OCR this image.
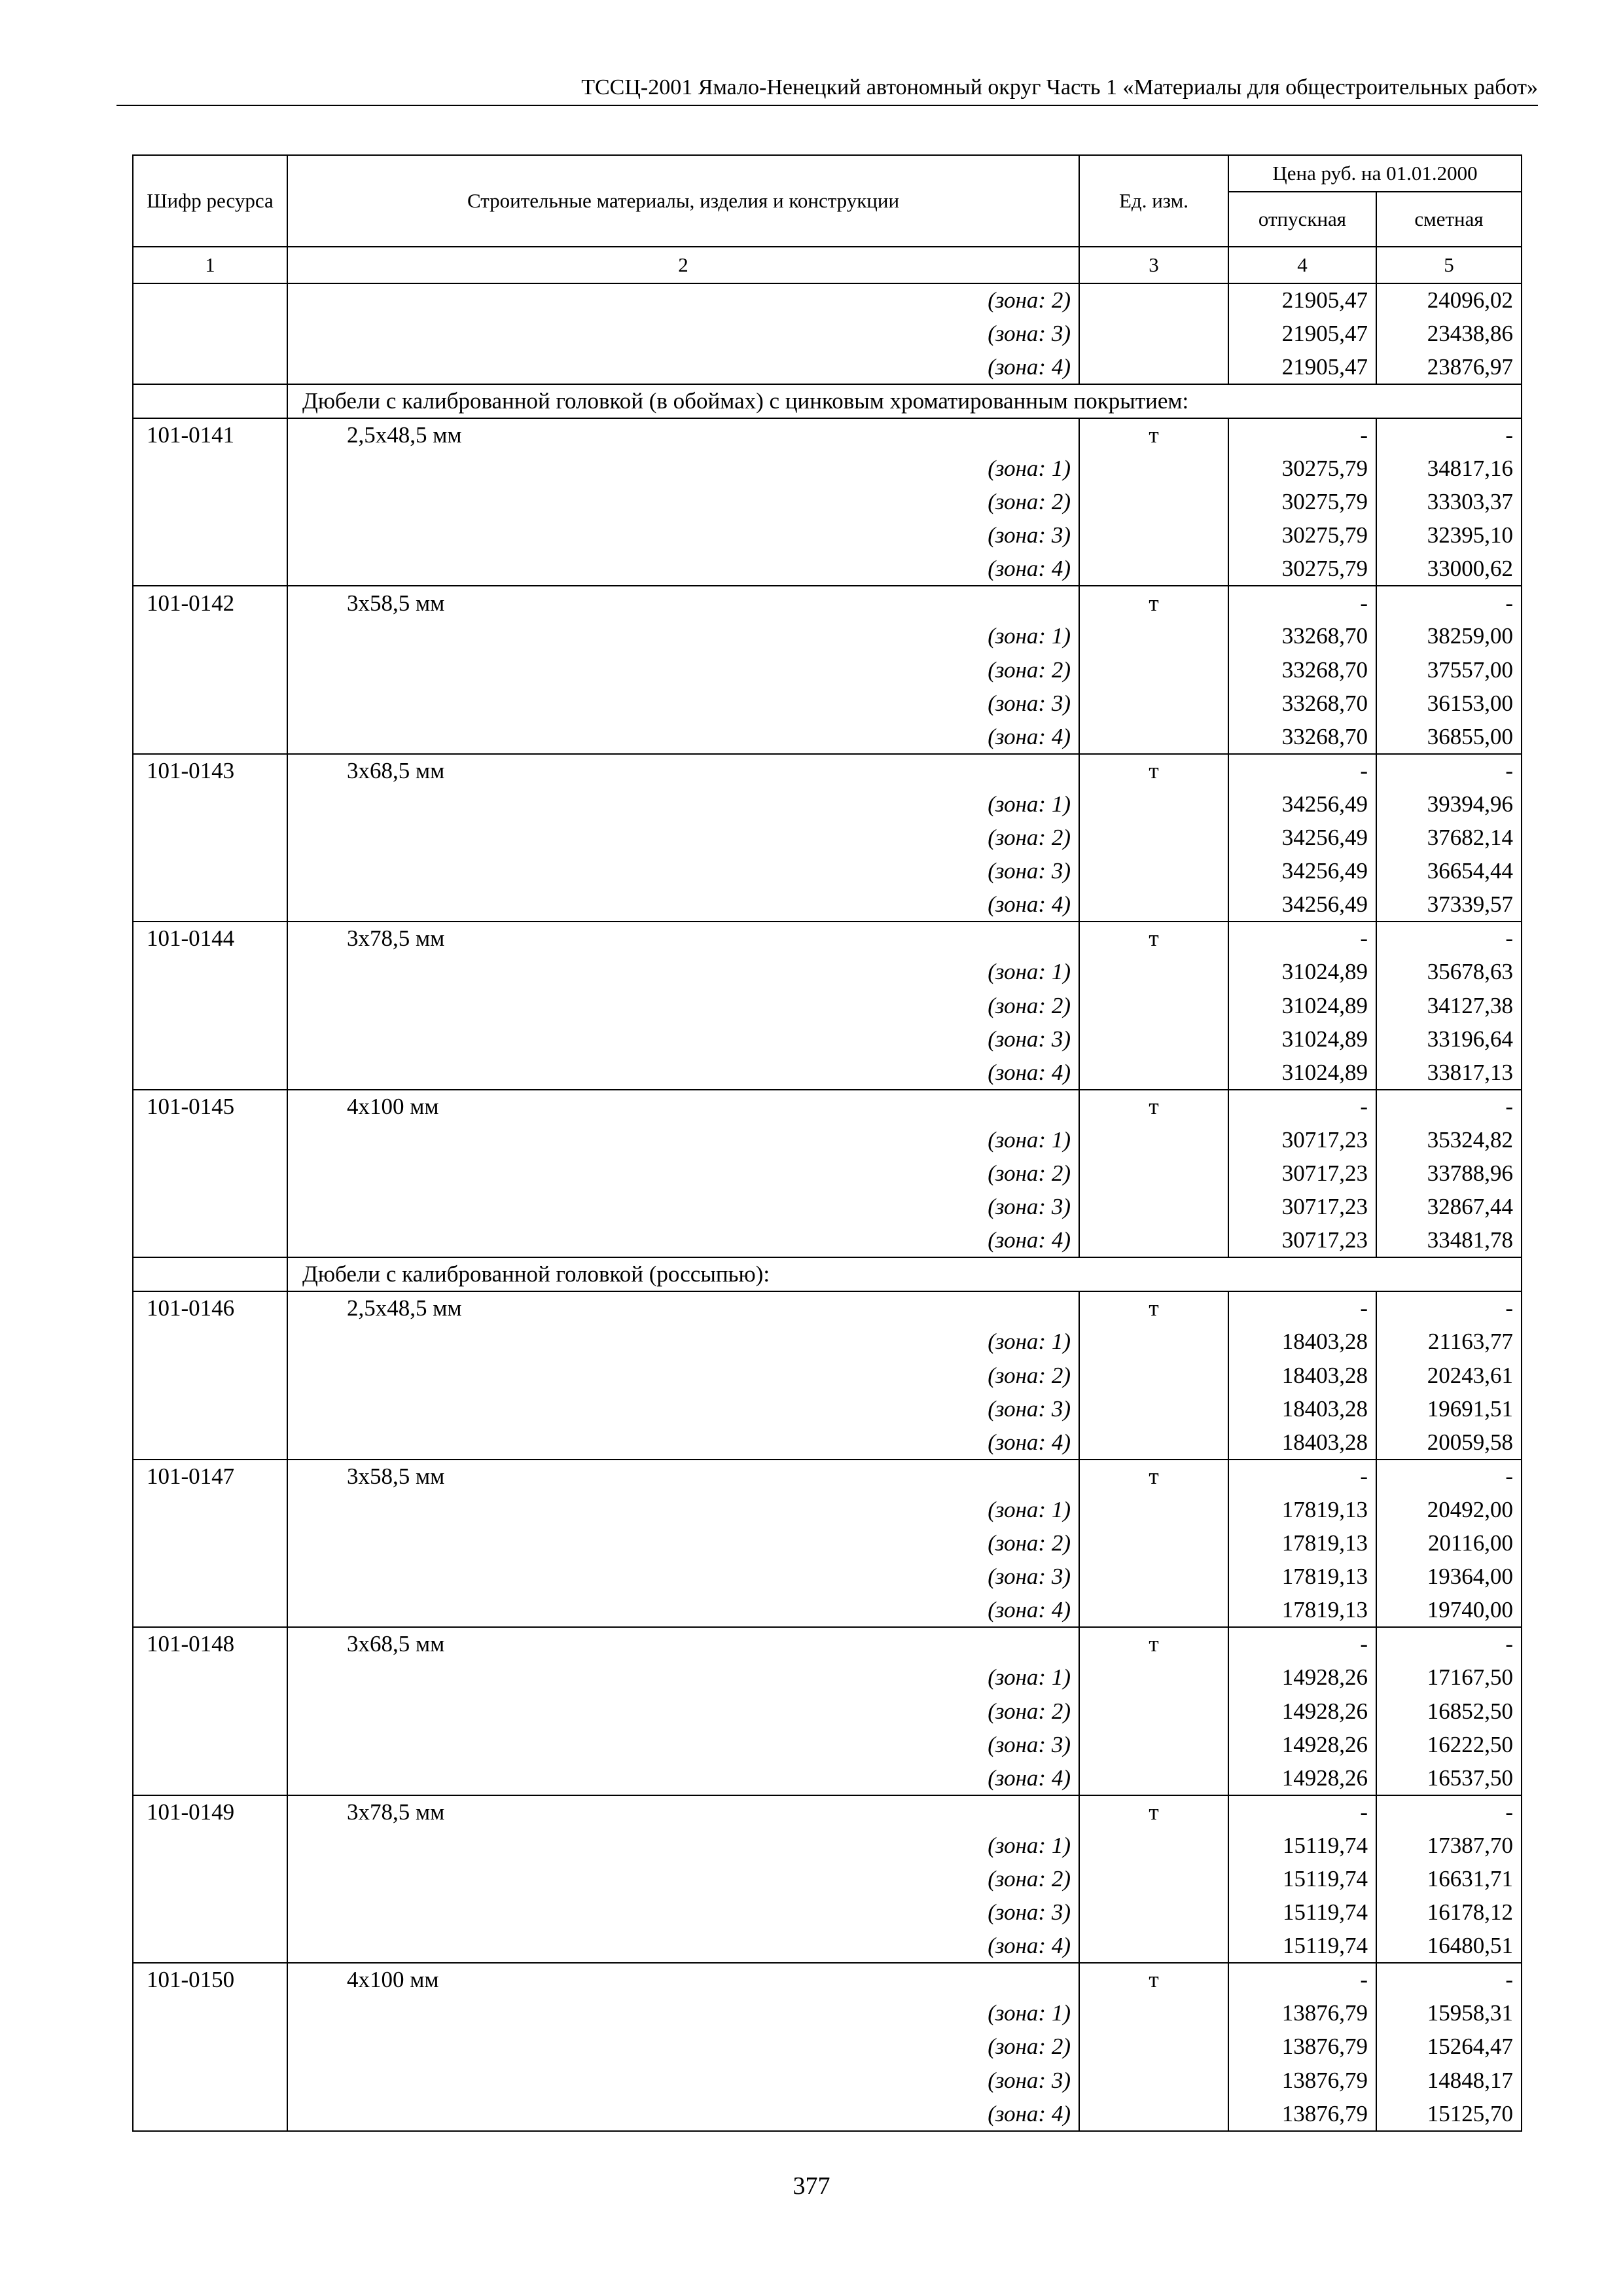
ТССЦ-2001 Ямало-Ненецкий автономный округ Часть 1 «Материалы для общестроительных работ»
Шифр ресурса	Строительные материалы, изделия и конструкции	Ед. изм.	Цена руб. на 01.01.2000	
			отпускная	сметная
1	2	3	4	5
	(зона: 2)		21905,47	24096,02
	(зона: 3)		21905,47	23438,86
	(зона: 4)		21905,47	23876,97
	Дюбели с калиброванной головкой (в обоймах) с цинковым хроматированным покрытием:			
101-0141	2,5х48,5 мм	т	-	-
	(зона: 1)		30275,79	34817,16
	(зона: 2)		30275,79	33303,37
	(зона: 3)		30275,79	32395,10
	(зона: 4)		30275,79	33000,62
101-0142	3х58,5 мм	т	-	-
	(зона: 1)		33268,70	38259,00
	(зона: 2)		33268,70	37557,00
	(зона: 3)		33268,70	36153,00
	(зона: 4)		33268,70	36855,00
101-0143	3х68,5 мм	т	-	-
	(зона: 1)		34256,49	39394,96
	(зона: 2)		34256,49	37682,14
	(зона: 3)		34256,49	36654,44
	(зона: 4)		34256,49	37339,57
101-0144	3х78,5 мм	т	-	-
	(зона: 1)		31024,89	35678,63
	(зона: 2)		31024,89	34127,38
	(зона: 3)		31024,89	33196,64
	(зона: 4)		31024,89	33817,13
101-0145	4х100 мм	т	-	-
	(зона: 1)		30717,23	35324,82
	(зона: 2)		30717,23	33788,96
	(зона: 3)		30717,23	32867,44
	(зона: 4)		30717,23	33481,78
	Дюбели с калиброванной головкой (россыпью):			
101-0146	2,5х48,5 мм	т	-	-
	(зона: 1)		18403,28	21163,77
	(зона: 2)		18403,28	20243,61
	(зона: 3)		18403,28	19691,51
	(зона: 4)		18403,28	20059,58
101-0147	3х58,5 мм	т	-	-
	(зона: 1)		17819,13	20492,00
	(зона: 2)		17819,13	20116,00
	(зона: 3)		17819,13	19364,00
	(зона: 4)		17819,13	19740,00
101-0148	3х68,5 мм	т	-	-
	(зона: 1)		14928,26	17167,50
	(зона: 2)		14928,26	16852,50
	(зона: 3)		14928,26	16222,50
	(зона: 4)		14928,26	16537,50
101-0149	3х78,5 мм	т	-	-
	(зона: 1)		15119,74	17387,70
	(зона: 2)		15119,74	16631,71
	(зона: 3)		15119,74	16178,12
	(зона: 4)		15119,74	16480,51
101-0150	4х100 мм	т	-	-
	(зона: 1)		13876,79	15958,31
	(зона: 2)		13876,79	15264,47
	(зона: 3)		13876,79	14848,17
	(зона: 4)		13876,79	15125,70
377
